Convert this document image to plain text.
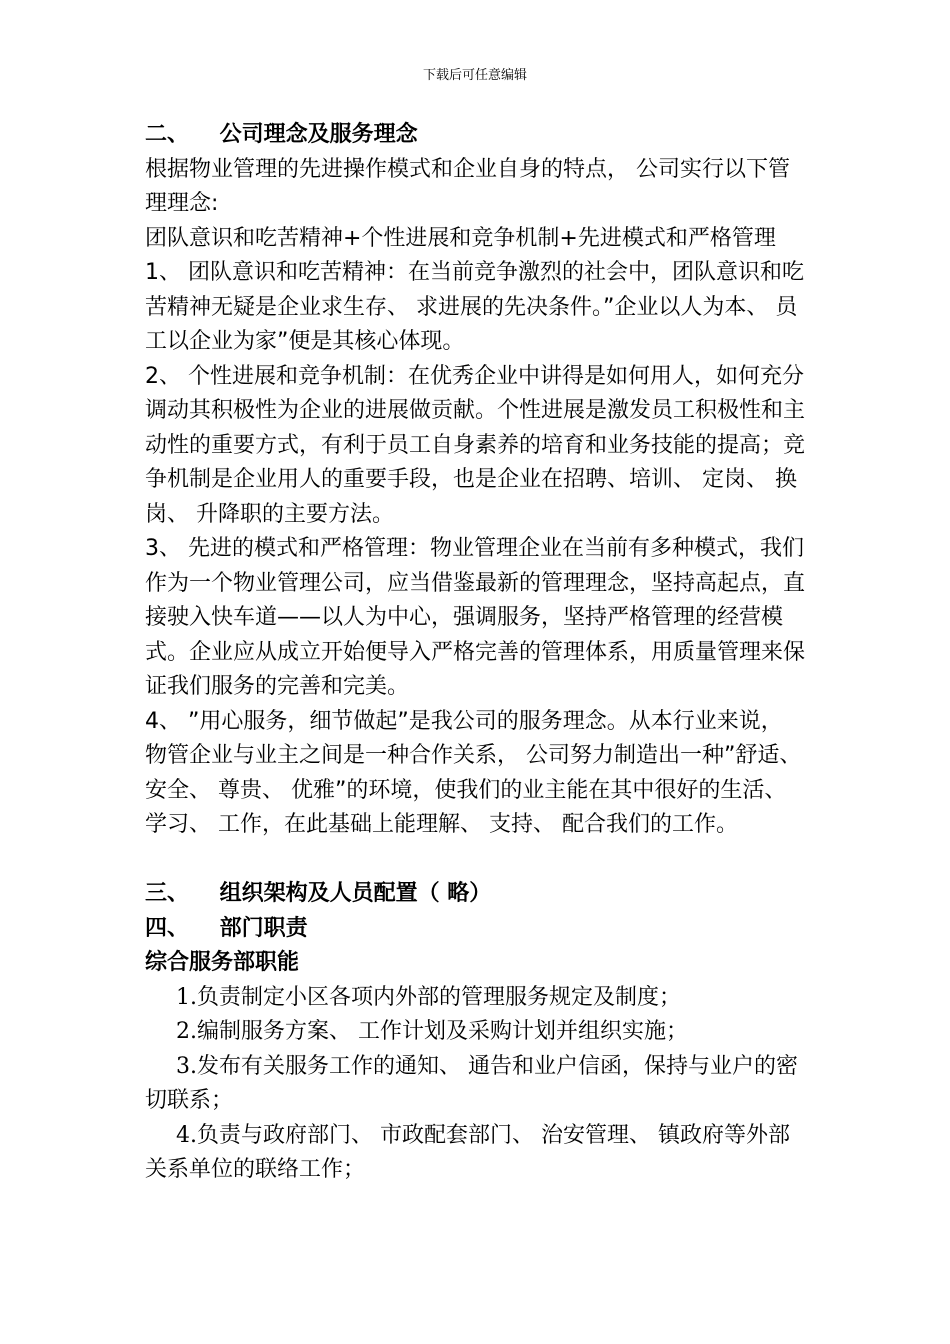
下载后可任意编辑

二、    公司理念及服务理念

根据物业管理的先进操作模式和企业自身的特点， 公司实行以下管理理念:

团队意识和吃苦精神+个性进展和竞争机制+先进模式和严格管理

1、 团队意识和吃苦精神：在当前竞争激烈的社会中，团队意识和吃苦精神无疑是企业求生存、 求进展的先决条件。”企业以人为本、 员工以企业为家”便是其核心体现。

2、 个性进展和竞争机制：在优秀企业中讲得是如何用人，如何充分调动其积极性为企业的进展做贡献。个性进展是激发员工积极性和主动性的重要方式，有利于员工自身素养的培育和业务技能的提高；竞争机制是企业用人的重要手段，也是企业在招聘、培训、 定岗、 换岗、 升降职的主要方法。

3、 先进的模式和严格管理：物业管理企业在当前有多种模式，我们作为一个物业管理公司，应当借鉴最新的管理理念，坚持高起点，直接驶入快车道——以人为中心，强调服务，坚持严格管理的经营模式。企业应从成立开始便导入严格完善的管理体系，用质量管理来保证我们服务的完善和完美。

4、 ”用心服务，细节做起”是我公司的服务理念。从本行业来说， 物管企业与业主之间是一种合作关系， 公司努力制造出一种”舒适、 安全、 尊贵、 优雅”的环境，使我们的业主能在其中很好的生活、 学习、 工作，在此基础上能理解、 支持、 配合我们的工作。

三、    组织架构及人员配置（ 略）

四、    部门职责

综合服务部职能

1.负责制定小区各项内外部的管理服务规定及制度；

2.编制服务方案、 工作计划及采购计划并组织实施；

3.发布有关服务工作的通知、 通告和业户信函，保持与业户的密切联系；

4.负责与政府部门、 市政配套部门、 治安管理、 镇政府等外部关系单位的联络工作；
